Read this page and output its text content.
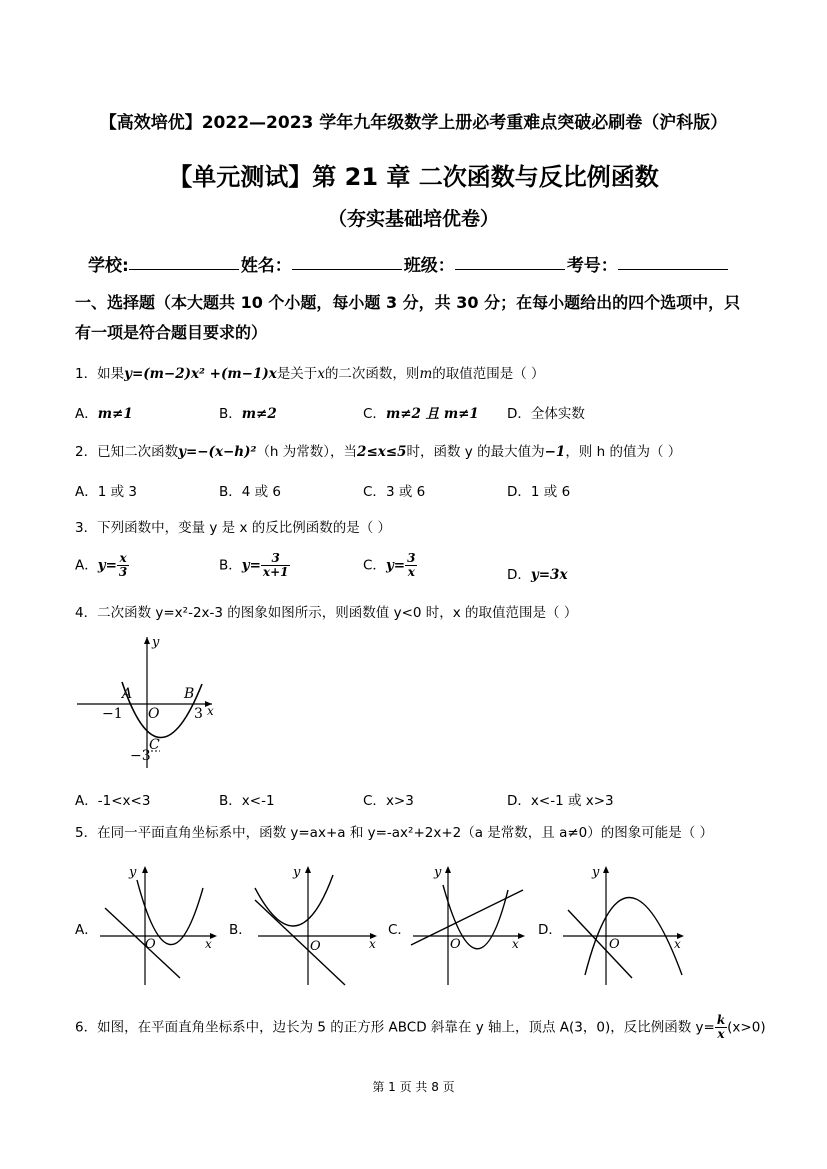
【高效培优】2022—2023 学年九年级数学上册必考重难点突破必刷卷（沪科版）
【单元测试】第 21 章 二次函数与反比例函数
（夯实基础培优卷）
学校:	姓名：	班级：	考号：
一、选择题（本大题共 10 个小题，每小题 3 分，共 30 分；在每小题给出的四个选项中，只
有一项是符合题目要求的）
1．如果y=(m−2)x² +(m−1)x是关于x的二次函数，则m的取值范围是（ ）
A．m≠1	B．m≠2	C．m≠2 且 m≠1 D．全体实数
2．已知二次函数y=−(x−h)²（h 为常数），当2≤x≤5时，函数 y 的最大值为−1，则 h 的值为（ ）
A．1 或 3	B．4 或 6	C．3 或 6	D．1 或 6
3．下列函数中，变量 y 是 x 的反比例函数的是（ ）
A．$y= \frac{x}{3}$	B．$y= \frac{3}{x+1}$	C．$y= \frac{3}{x}$	D．y=3x
4．二次函数 y=x²-2x-3 的图象如图所示，则函数值 y<0 时，x 的取值范围是（ ）
y
x
A	B
O
C
−1	3
−3
A．-1<x<3	B．x<-1	C．x>3	D．x<-1 或 x>3
5．在同一平面直角坐标系中，函数 y=ax+a 和 y=-ax²+2x+2（a 是常数，且 a≠0）的图象可能是（ ）
A．
y
x
O
B．
y
x
O
C．
y
x
O
D．
y
x
O
6．如图，在平面直角坐标系中，边长为 5 的正方形 ABCD 斜靠在 y 轴上，顶点 A(3，0)，反比例函数 $y= \frac{k}{x} (x>0)$
第 1 页 共 8 页
